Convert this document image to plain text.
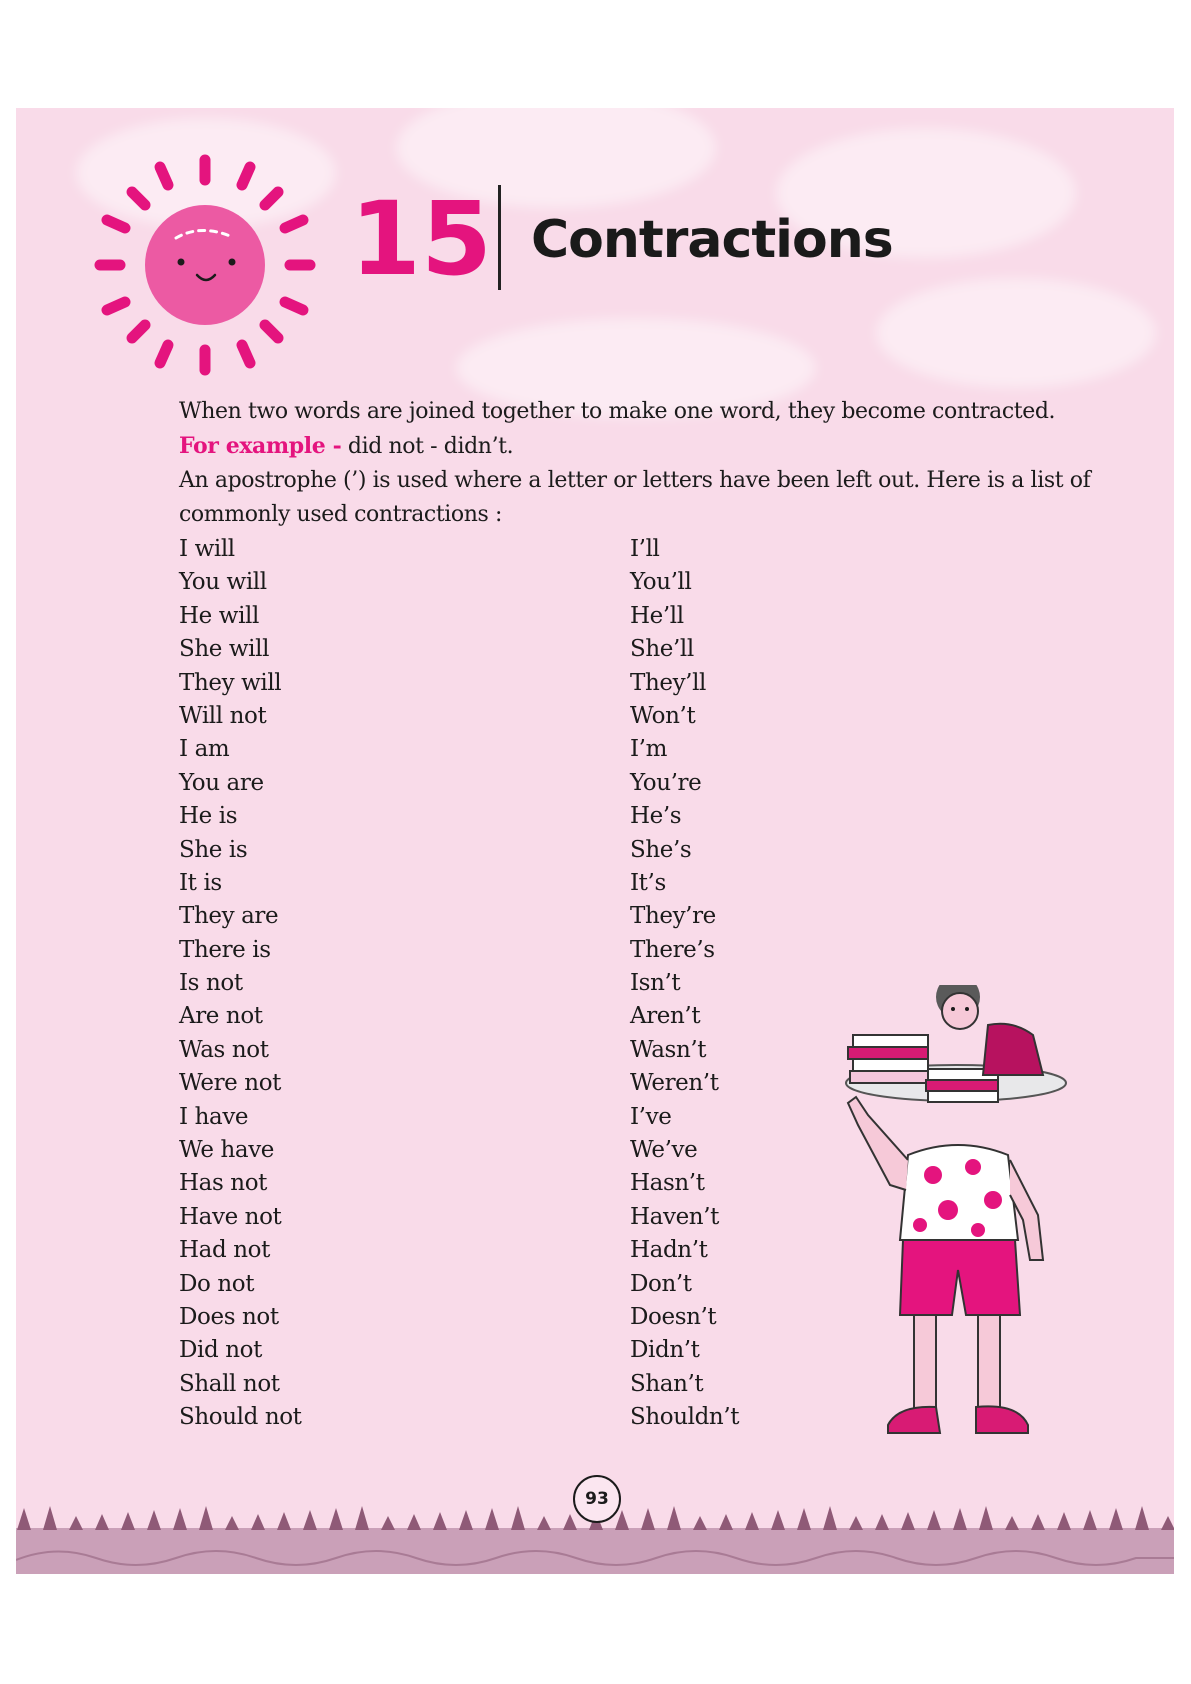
15 Contractions

When two words are joined together to make one word, they become contracted.

For example - did not - didn’t.

An apostrophe (’) is used where a letter or letters have been left out. Here is a list of commonly used contractions :

I will
You will
He will
She will
They will
Will not
I am
You are
He is
She is
It is
They are
There is
Is not
Are not
Was not
Were not
I have
We have
Has not
Have not
Had not
Do not
Does not
Did not
Shall not
Should not
I’ll
You’ll
He’ll
She’ll
They’ll
Won’t
I’m
You’re
He’s
She’s
It’s
They’re
There’s
Isn’t
Aren’t
Wasn’t
Weren’t
I’ve
We’ve
Hasn’t
Haven’t
Hadn’t
Don’t
Doesn’t
Didn’t
Shan’t
Shouldn’t
93
